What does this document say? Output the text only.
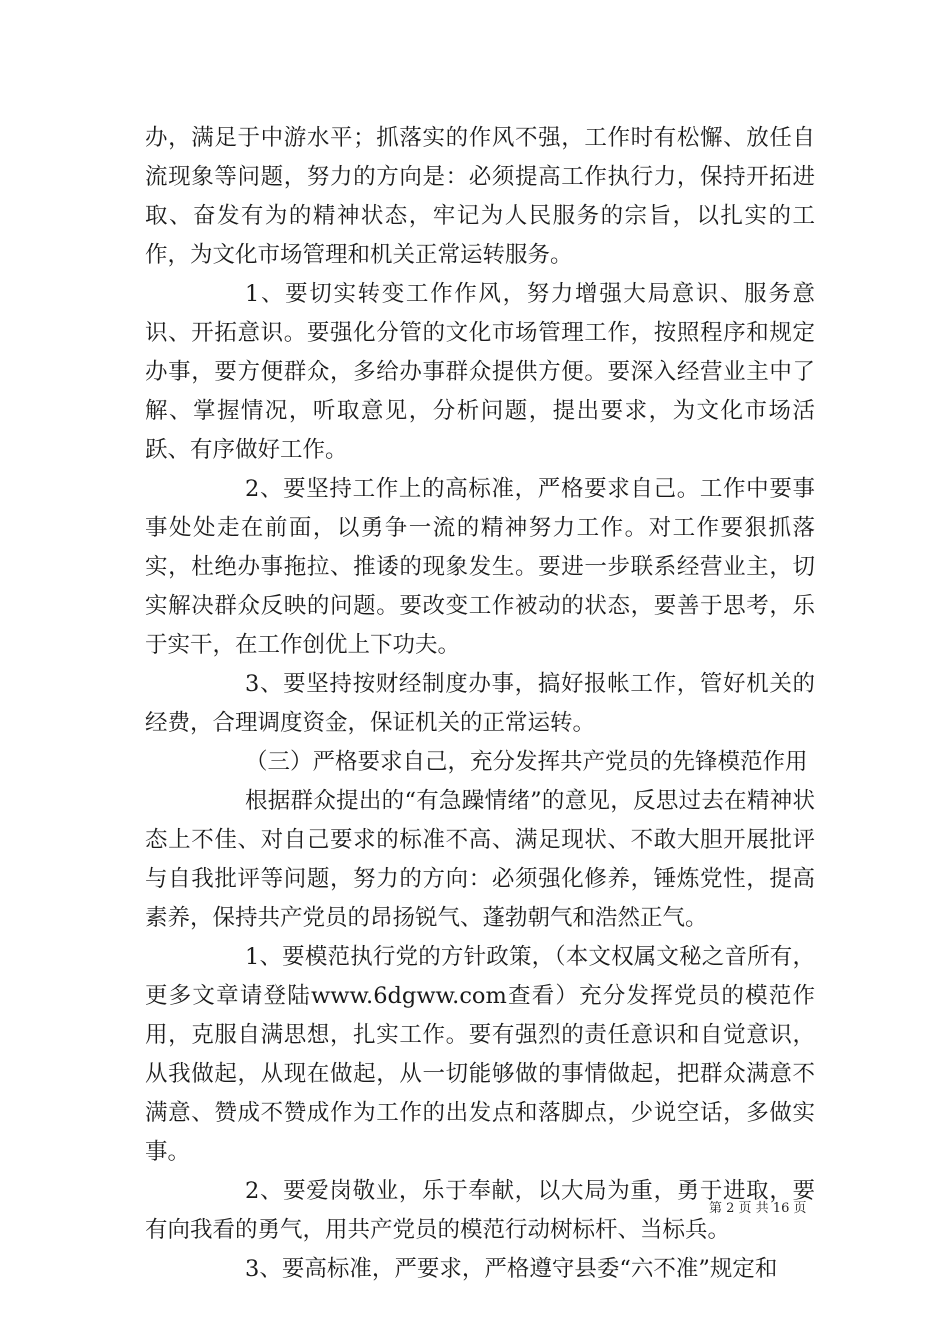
办，满足于中游水平；抓落实的作风不强，工作时有松懈、放任自流现象等问题，努力的方向是：必须提高工作执行力，保持开拓进取、奋发有为的精神状态，牢记为人民服务的宗旨，以扎实的工作，为文化市场管理和机关正常运转服务。

1、要切实转变工作作风，努力增强大局意识、服务意识、开拓意识。要强化分管的文化市场管理工作，按照程序和规定办事，要方便群众，多给办事群众提供方便。要深入经营业主中了解、掌握情况，听取意见，分析问题，提出要求，为文化市场活跃、有序做好工作。

2、要坚持工作上的高标准，严格要求自己。工作中要事事处处走在前面，以勇争一流的精神努力工作。对工作要狠抓落实，杜绝办事拖拉、推诿的现象发生。要进一步联系经营业主，切实解决群众反映的问题。要改变工作被动的状态，要善于思考，乐于实干，在工作创优上下功夫。

3、要坚持按财经制度办事，搞好报帐工作，管好机关的经费，合理调度资金，保证机关的正常运转。

（三）严格要求自己，充分发挥共产党员的先锋模范作用

根据群众提出的“有急躁情绪”的意见，反思过去在精神状态上不佳、对自己要求的标准不高、满足现状、不敢大胆开展批评与自我批评等问题，努力的方向：必须强化修养，锤炼党性，提高素养，保持共产党员的昂扬锐气、蓬勃朝气和浩然正气。

1、要模范执行党的方针政策，（本文权属文秘之音所有，更多文章请登陆www.6dgww.com查看）充分发挥党员的模范作用，克服自满思想，扎实工作。要有强烈的责任意识和自觉意识，从我做起，从现在做起，从一切能够做的事情做起，把群众满意不满意、赞成不赞成作为工作的出发点和落脚点，少说空话，多做实事。

2、要爱岗敬业，乐于奉献，以大局为重，勇于进取，要有向我看的勇气，用共产党员的模范行动树标杆、当标兵。

3、要高标准，严要求，严格遵守县委“六不准”规定和

第 2 页 共 16 页
